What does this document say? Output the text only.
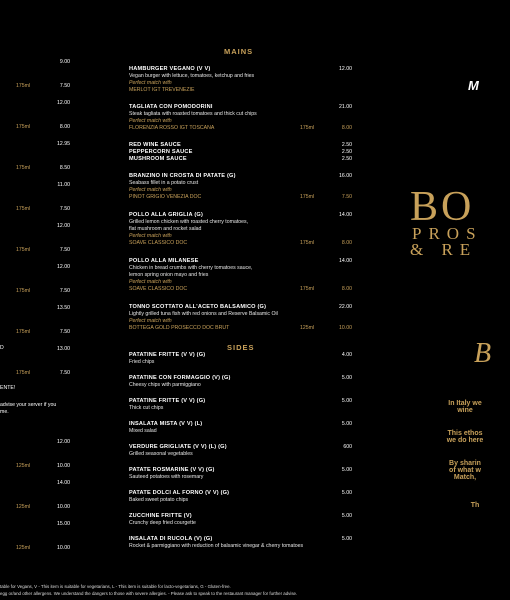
9.00
175ml	7.50
12.00
175ml	8.00
12.95
175ml	8.50
11.00
175ml	7.50
12.00
175ml	7.50
12.00
175ml	7.50
13.50
175ml	7.50
13.00
175ml	7.50
12.00
125ml	10.00
14.00
125ml	10.00
15.00
125ml	10.00
D
ENTE!
advise your server if you
me.
MAINS
SIDES
HAMBURGER VEGANO (V V)	12.00
Vegan burger with lettuce, tomatoes, ketchup and fries
Perfect match with
MERLOT IGT TREVENEZIE
TAGLIATA CON POMODORINI	21.00
Steak tagliata with roasted tomatoes and thick cut chips
Perfect match with
FLORENZIA ROSSO IGT TOSCANA	175ml	8.00
RED WINE SAUCE	2.50
PEPPERCORN SAUCE	2.50
MUSHROOM SAUCE	2.50
BRANZINO IN CROSTA DI PATATE (G)	16.00
Seabass fillet in a potato crust
Perfect match with
PINOT GRIGIO VENEZIA DOC	175ml	7.50
POLLO ALLA GRIGLIA (G)	14.00
Grilled lemon chicken with roasted cherry tomatoes,
flat mushroom and rocket salad
Perfect match with
SOAVE CLASSICO DOC	175ml	8.00
POLLO ALLA MILANESE	14.00
Chicken in bread crumbs with cherry tomatoes sauce,
lemon spring onion mayo and fries
Perfect match with
SOAVE CLASSICO DOC	175ml	8.00
TONNO SCOTTATO ALL'ACETO BALSAMICO (G)	22.00
Lightly grilled tuna fish with red onions and Reserve Balsamic Oil
Perfect match with
BOTTEGA GOLD PROSECCO DOC BRUT	125ml	10.00
PATATINE FRITTE (V V) (G)	4.00
Fried chips
PATATINE CON FORMAGGIO (V) (G)	5.00
Cheesy chips with parmiggiano
PATATINE FRITTE (V V) (G)	5.00
Thick cut chips
INSALATA MISTA (V V) (L)	5.00
Mixed salad
VERDURE GRIGLIATE (V V) (L) (G)	600
Grilled seasonal vegetables
PATATE ROSMARINE (V V) (G)	5.00
Sauteed potatoes with rosemary
PATATE DOLCI AL FORNO (V V) (G)	5.00
Baked sweet potato chips
ZUCCHINE FRITTE (V)	5.00
Crunchy deep fried courgette
INSALATA DI RUCOLA (V) (G)	5.00
Rocket & parmiggiano with reduction of balsamic vinegar & cherry tomatoes
M
BO
PROS
& RE
B
In Italy we
wine
This ethos
we do here
By sharin
of what w
Match,
Th
table for Vegans, V - This item is suitable for vegetarians, L - This item is suitable for lacto-vegetarians, G - Gluten-free.
egg or/and other allergens. We understand the dangers to those with severe allergies. - Please ask to speak to the restaurant manager for further advise.
